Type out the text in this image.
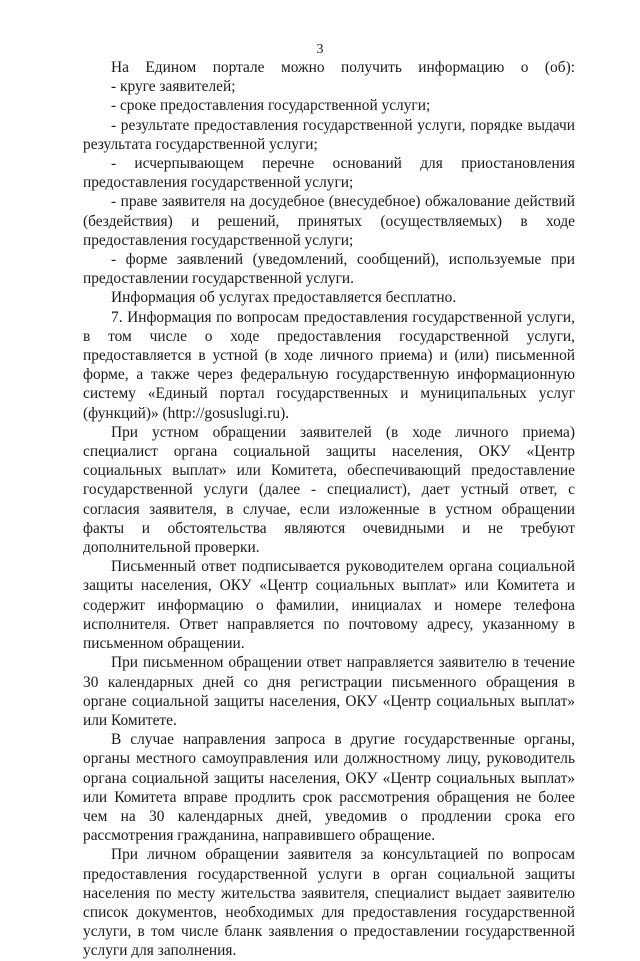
3

На Едином портале можно получить информацию о (об):

- круге заявителей;

- сроке предоставления государственной услуги;

- результате предоставления государственной услуги, порядке выдачи результата государственной услуги;

- исчерпывающем перечне оснований для приостановления предоставления государственной услуги;

- праве заявителя на досудебное (внесудебное) обжалование действий (бездействия) и решений, принятых (осуществляемых) в ходе предоставления государственной услуги;

- форме заявлений (уведомлений, сообщений), используемые при предоставлении государственной услуги.

Информация об услугах предоставляется бесплатно.

7. Информация по вопросам предоставления государственной услуги, в том числе о ходе предоставления государственной услуги, предоставляется в устной (в ходе личного приема) и (или) письменной форме, а также через федеральную государственную информационную систему «Единый портал государственных и муниципальных услуг (функций)» (http://gosuslugi.ru).

При устном обращении заявителей (в ходе личного приема) специалист органа социальной защиты населения, ОКУ «Центр социальных выплат» или Комитета, обеспечивающий предоставление государственной услуги (далее - специалист), дает устный ответ, с согласия заявителя, в случае, если изложенные в устном обращении факты и обстоятельства являются очевидными и не требуют дополнительной проверки.

Письменный ответ подписывается руководителем органа социальной защиты населения, ОКУ «Центр социальных выплат» или Комитета и содержит информацию о фамилии, инициалах и номере телефона исполнителя. Ответ направляется по почтовому адресу, указанному в письменном обращении.

При письменном обращении ответ направляется заявителю в течение 30 календарных дней со дня регистрации письменного обращения в органе социальной защиты населения, ОКУ «Центр социальных выплат» или Комитете.

В случае направления запроса в другие государственные органы, органы местного самоуправления или должностному лицу, руководитель органа социальной защиты населения, ОКУ «Центр социальных выплат» или Комитета вправе продлить срок рассмотрения обращения не более чем на 30 календарных дней, уведомив о продлении срока его рассмотрения гражданина, направившего обращение.

При личном обращении заявителя за консультацией по вопросам предоставления государственной услуги в орган социальной защиты населения по месту жительства заявителя, специалист выдает заявителю список документов, необходимых для предоставления государственной услуги, в том числе бланк заявления о предоставлении государственной услуги для заполнения.
